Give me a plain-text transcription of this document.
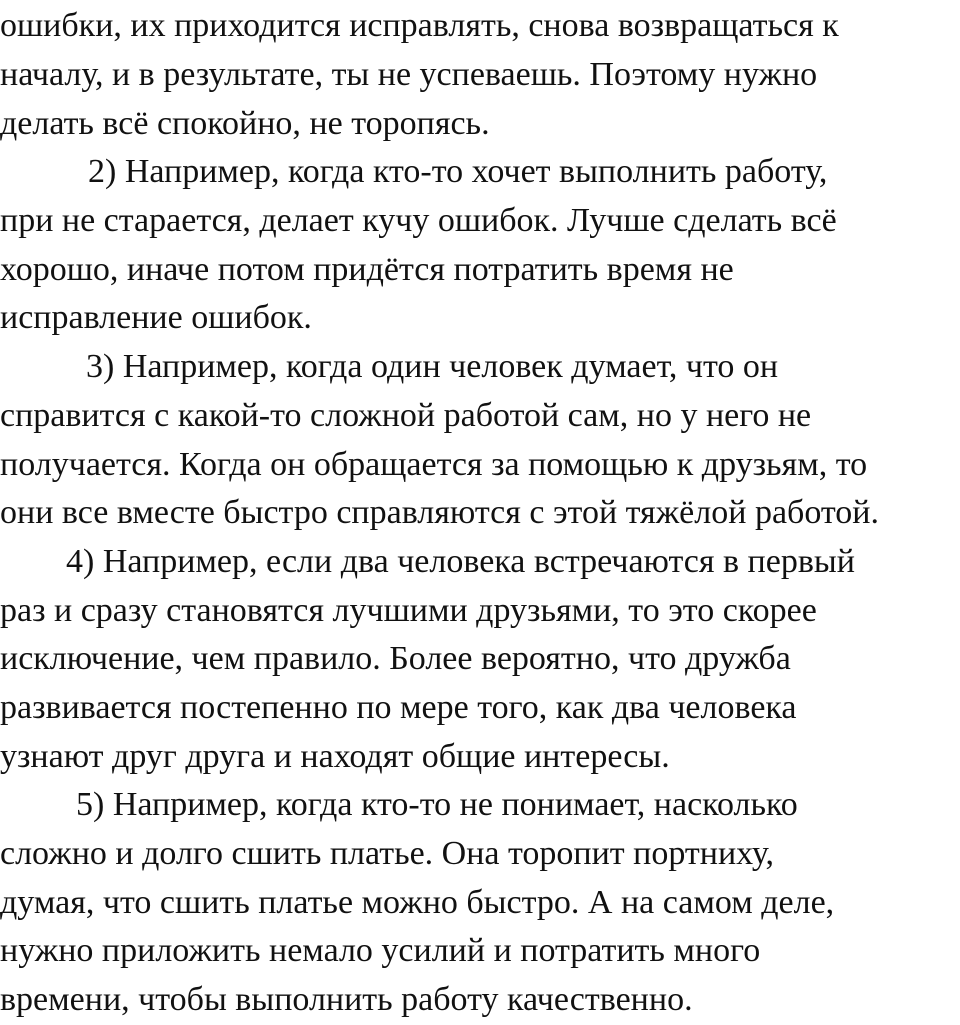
ошибки, их приходится исправлять, снова возвращаться к

началу, и в результате, ты не успеваешь. Поэтому нужно

делать всё спокойно, не торопясь.

2) Например, когда кто-то хочет выполнить работу,

при не старается, делает кучу ошибок. Лучше сделать всё

хорошо, иначе потом придётся потратить время не

исправление ошибок.

3) Например, когда один человек думает, что он

справится с какой-то сложной работой сам, но у него не

получается. Когда он обращается за помощью к друзьям, то

они все вместе быстро справляются с этой тяжёлой работой.

4) Например, если два человека встречаются в первый

раз и сразу становятся лучшими друзьями, то это скорее

исключение, чем правило. Более вероятно, что дружба

развивается постепенно по мере того, как два человека

узнают друг друга и находят общие интересы.

5) Например, когда кто-то не понимает, насколько

сложно и долго сшить платье. Она торопит портниху,

думая, что сшить платье можно быстро. А на самом деле,

нужно приложить немало усилий и потратить много

времени, чтобы выполнить работу качественно.
